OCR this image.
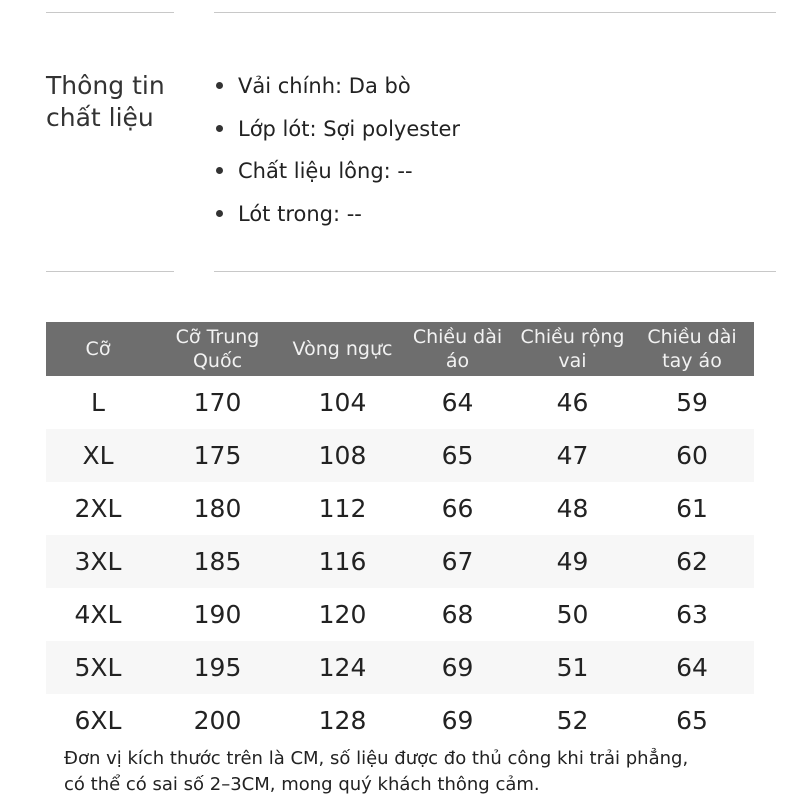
Thông tin chất liệu
Vải chính: Da bò
Lớp lót: Sợi polyester
Chất liệu lông: --
Lót trong: --
Cỡ	Cỡ Trung Quốc	Vòng ngực	Chiều dài áo	Chiều rộng vai	Chiều dài tay áo
L	170	104	64	46	59
XL	175	108	65	47	60
2XL	180	112	66	48	61
3XL	185	116	67	49	62
4XL	190	120	68	50	63
5XL	195	124	69	51	64
6XL	200	128	69	52	65
Đơn vị kích thước trên là CM, số liệu được đo thủ công khi trải phẳng,
có thể có sai số 2–3CM, mong quý khách thông cảm.
